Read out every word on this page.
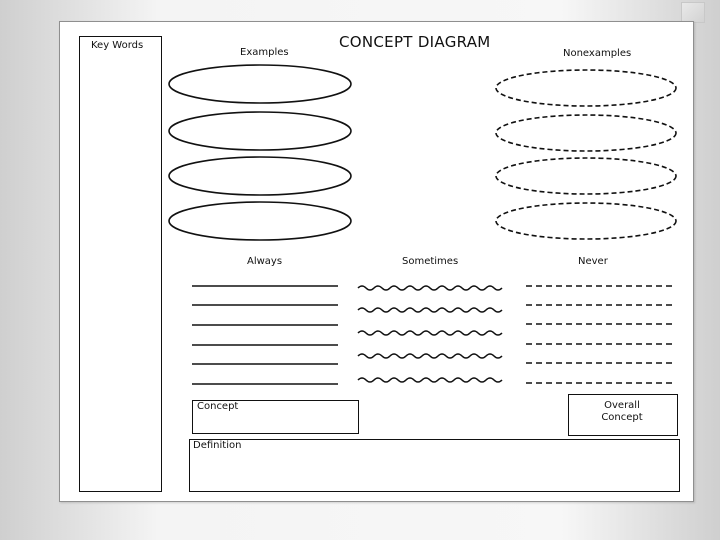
Key Words	CONCEPT DIAGRAM
Examples	Nonexamples
Always	Sometimes	Never
Concept	Overall
Concept
Definition
